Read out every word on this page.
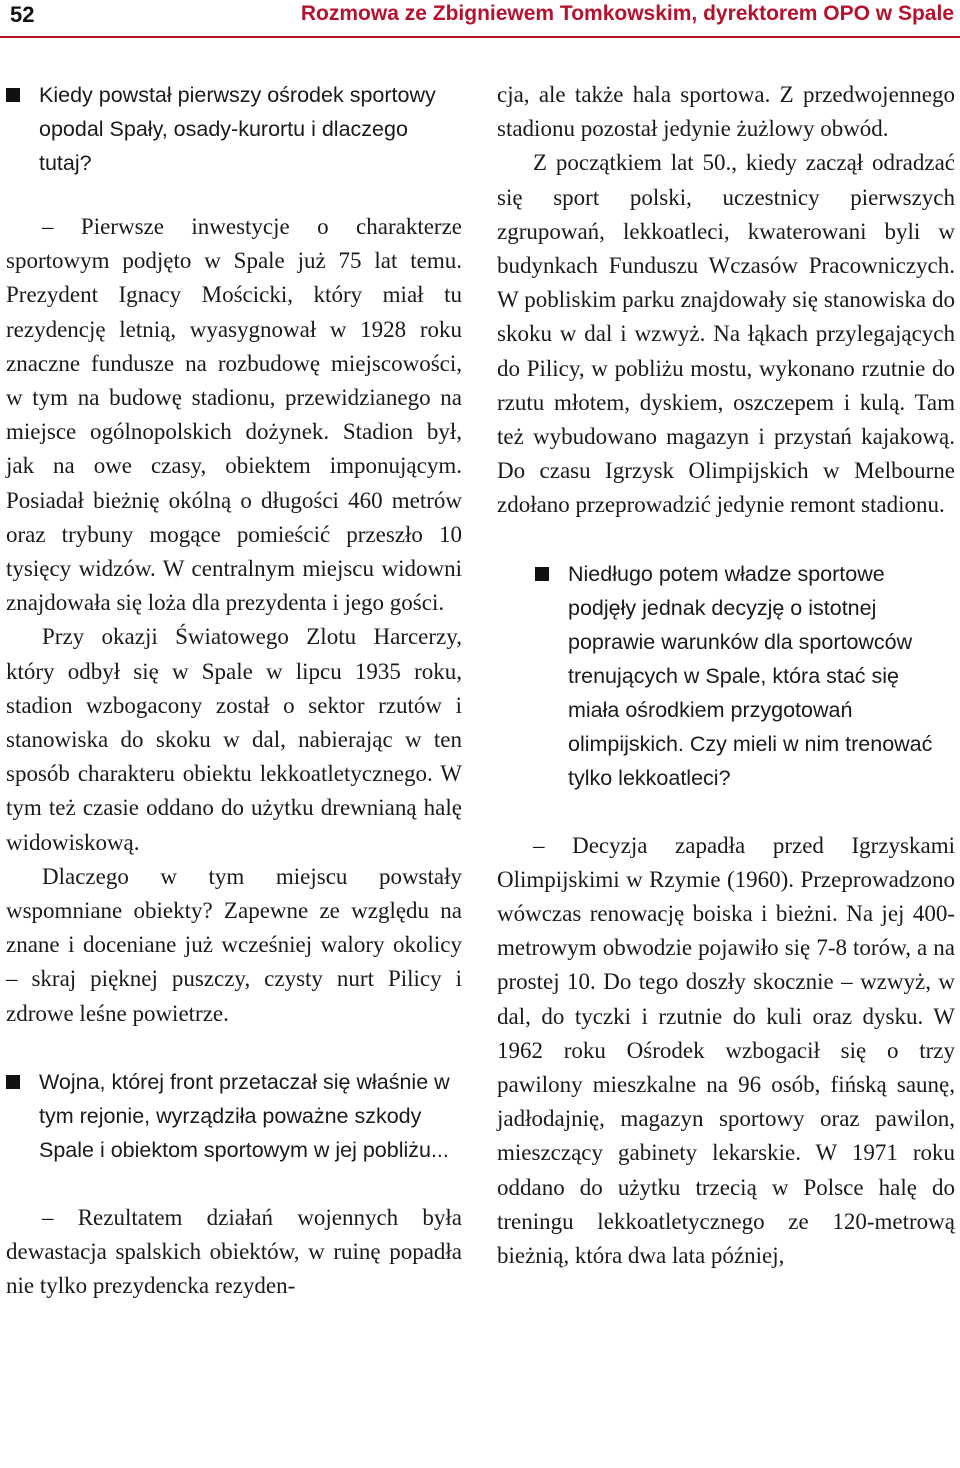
52	Rozmowa ze Zbigniewem Tomkowskim, dyrektorem OPO w Spale

Kiedy powstał pierwszy ośrodek sportowy opodal Spały, osady-kurortu i dlaczego tutaj?

– Pierwsze inwestycje o charakterze sportowym podjęto w Spale już 75 lat temu. Prezydent Ignacy Mościcki, który miał tu rezydencję letnią, wyasygnował w 1928 roku znaczne fundusze na rozbudowę miejscowości, w tym na budowę stadionu, przewidzianego na miejsce ogólnopolskich dożynek. Stadion był, jak na owe czasy, obiektem imponującym. Posiadał bieżnię okólną o długości 460 metrów oraz trybuny mogące pomieścić przeszło 10 tysięcy widzów. W centralnym miejscu widowni znajdowała się loża dla prezydenta i jego gości.

Przy okazji Światowego Zlotu Harcerzy, który odbył się w Spale w lipcu 1935 roku, stadion wzbogacony został o sektor rzutów i stanowiska do skoku w dal, nabierając w ten sposób charakteru obiektu lekkoatletycznego. W tym też czasie oddano do użytku drewnianą halę widowiskową.

Dlaczego w tym miejscu powstały wspomniane obiekty? Zapewne ze względu na znane i doceniane już wcześniej walory okolicy – skraj pięknej puszczy, czysty nurt Pilicy i zdrowe leśne powietrze.

Wojna, której front przetaczał się właśnie w tym rejonie, wyrządziła poważne szkody Spale i obiektom sportowym w jej pobliżu...

– Rezultatem działań wojennych była dewastacja spalskich obiektów, w ruinę popadła nie tylko prezydencka rezyden-

cja, ale także hala sportowa. Z przedwojennego stadionu pozostał jedynie żużlowy obwód.

Z początkiem lat 50., kiedy zaczął odradzać się sport polski, uczestnicy pierwszych zgrupowań, lekkoatleci, kwaterowani byli w budynkach Funduszu Wczasów Pracowniczych. W pobliskim parku znajdowały się stanowiska do skoku w dal i wzwyż. Na łąkach przylegających do Pilicy, w pobliżu mostu, wykonano rzutnie do rzutu młotem, dyskiem, oszczepem i kulą. Tam też wybudowano magazyn i przystań kajakową. Do czasu Igrzysk Olimpijskich w Melbourne zdołano przeprowadzić jedynie remont stadionu.

Niedługo potem władze sportowe podjęły jednak decyzję o istotnej poprawie warunków dla sportowców trenujących w Spale, która stać się miała ośrodkiem przygotowań olimpijskich. Czy mieli w nim trenować tylko lekkoatleci?

– Decyzja zapadła przed Igrzyskami Olimpijskimi w Rzymie (1960). Przeprowadzono wówczas renowację boiska i bieżni. Na jej 400-metrowym obwodzie pojawiło się 7-8 torów, a na prostej 10. Do tego doszły skocznie – wzwyż, w dal, do tyczki i rzutnie do kuli oraz dysku. W 1962 roku Ośrodek wzbogacił się o trzy pawilony mieszkalne na 96 osób, fińską saunę, jadłodajnię, magazyn sportowy oraz pawilon, mieszczący gabinety lekarskie. W 1971 roku oddano do użytku trzecią w Polsce halę do treningu lekkoatletycznego ze 120-metrową bieżnią, która dwa lata później,
